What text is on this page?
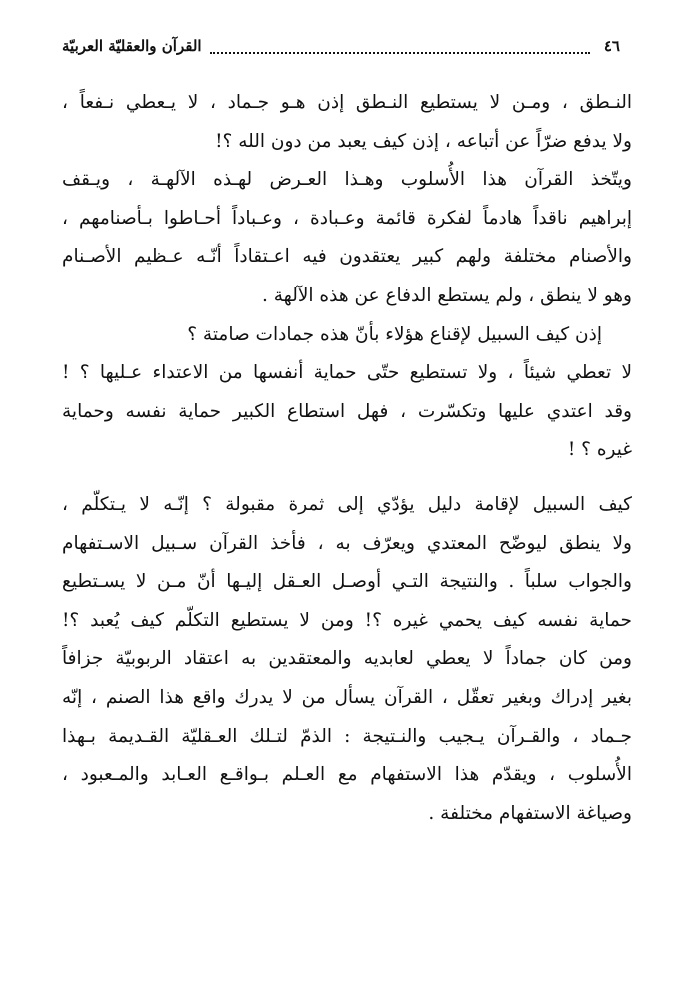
٤٦
القرآن والعقليّة العربيّة
النـطق ، ومـن لا يستطيع النـطق إذن هـو جـماد ، لا يـعطي نـفعاً ،
ولا يدفع ضرّاً عن أتباعه ، إذن كيف يعبد من دون الله ؟!
ويتّخذ القرآن هذا الأُسلوب وهـذا العـرض لهـذه الآلهـة ، ويـقف
إبراهيم ناقداً هادماً لفكرة قائمة وعـبادة ، وعـباداً أحـاطوا بـأصنامهم ،
والأصنام مختلفة ولهم كبير يعتقدون فيه اعـتقاداً أنّـه عـظيم الأصـنام
وهو لا ينطق ، ولم يستطع الدفاع عن هذه الآلهة .
إذن كيف السبيل لإقناع هؤلاء بأنّ هذه جمادات صامتة ؟
لا تعطي شيئاً ، ولا تستطيع حتّى حماية أنفسها من الاعتداء عـليها ؟ !
وقد اعتدي عليها وتكسّرت ، فهل استطاع الكبير حماية نفسه وحماية
غيره ؟ !
كيف السبيل لإقامة دليل يؤدّي إلى ثمرة مقبولة ؟ إنّـه لا يـتكلّم ،
ولا ينطق ليوضّح المعتدي ويعرّف به ، فأخذ القرآن سـبيل الاسـتفهام
والجواب سلباً . والنتيجة التـي أوصـل العـقل إليـها أنّ مـن لا يسـتطيع
حماية نفسه كيف يحمي غيره ؟! ومن لا يستطيع التكلّم كيف يُعبد ؟!
ومن كان جماداً لا يعطي لعابديه والمعتقدين به اعتقاد الربوبيّة جزافاً
بغير إدراك وبغير تعقّل ، القرآن يسأل من لا يدرك واقع هذا الصنم ، إنّه
جـماد ، والقـرآن يـجيب والنـتيجة : الذمّ لتـلك العـقليّة القـديمة بـهذا
الأُسلوب ، ويقدّم هذا الاستفهام مع العـلم بـواقـع العـابد والمـعبود ،
وصياغة الاستفهام مختلفة .
